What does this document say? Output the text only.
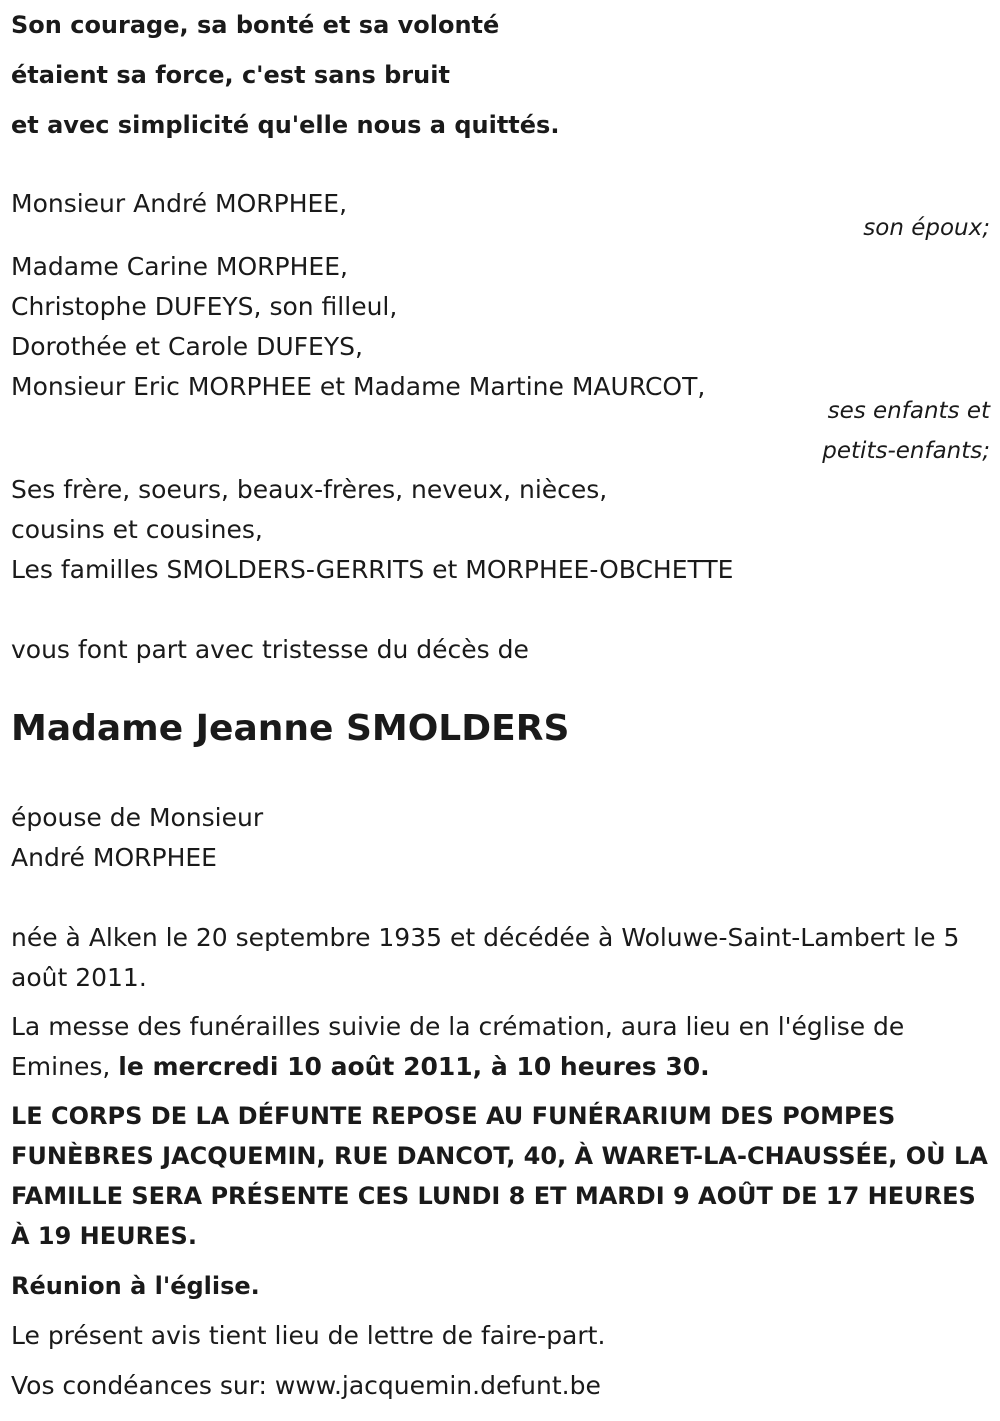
Son courage, sa bonté et sa volonté
étaient sa force, c'est sans bruit
et avec simplicité qu'elle nous a quittés.
Monsieur André MORPHEE,
son époux;
Madame Carine MORPHEE,
Christophe DUFEYS, son filleul,
Dorothée et Carole DUFEYS,
Monsieur Eric MORPHEE et Madame Martine MAURCOT,
ses enfants et
petits-enfants;
Ses frère, soeurs, beaux-frères, neveux, nièces,
cousins et cousines,
Les familles SMOLDERS-GERRITS et MORPHEE-OBCHETTE
vous font part avec tristesse du décès de
Madame Jeanne SMOLDERS
épouse de Monsieur
André MORPHEE
née à Alken le 20 septembre 1935 et décédée à Woluwe-Saint-Lambert le 5 août 2011.
La messe des funérailles suivie de la crémation, aura lieu en l'église de Emines, le mercredi 10 août 2011, à 10 heures 30.
LE CORPS DE LA DÉFUNTE REPOSE AU FUNÉRARIUM DES POMPES FUNÈBRES JACQUEMIN, RUE DANCOT, 40, À WARET-LA-CHAUSSÉE, OÙ LA FAMILLE SERA PRÉSENTE CES LUNDI 8 ET MARDI 9 AOÛT DE 17 HEURES À 19 HEURES.
Réunion à l'église.
Le présent avis tient lieu de lettre de faire-part.
Vos condéances sur: www.jacquemin.defunt.be
